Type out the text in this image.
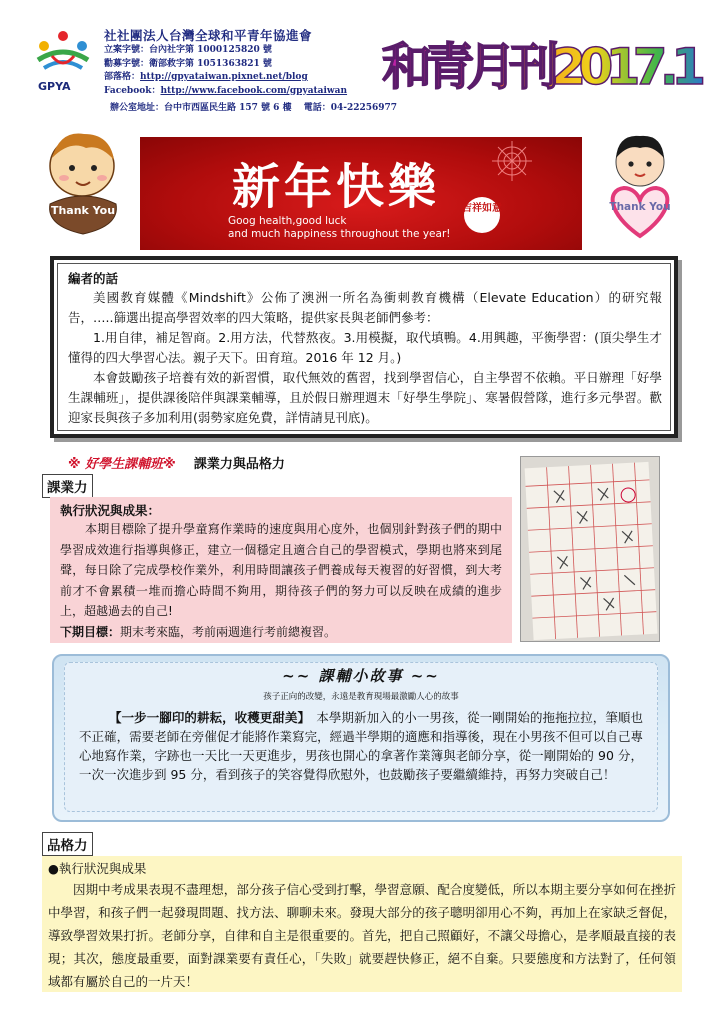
GPYA
社社團法人台灣全球和平青年協進會
立案字號：台內社字第 1000125820 號
勸募字號：衛部救字第 1051363821 號
部落格：http://gpyataiwan.pixnet.net/blog
Facebook：http://www.facebook.com/gpyataiwan
辦公室地址：台中市西區民生路 157 號 6 樓　 電話：04-22256977
和青月刊2017.1
Thank You 新年快樂 吉祥如意
Goog health,good luck
and much happiness throughout the year!
Thank You
編者的話

美國教育媒體《Mindshift》公佈了澳洲一所名為衝刺教育機構（Elevate Education）的研究報告，…..篩選出提高學習效率的四大策略，提供家長與老師們參考：

1.用自律，補足智商。2.用方法，代替熬夜。3.用模擬，取代填鴨。4.用興趣，平衡學習：(頂尖學生才懂得的四大學習心法。親子天下。田育瑄。2016 年 12 月。)

本會鼓勵孩子培養有效的新習慣，取代無效的舊習，找到學習信心，自主學習不依賴。平日辦理「好學生課輔班」，提供課後陪伴與課業輔導，且於假日辦理週末「好學生學院」、寒暑假營隊，進行多元學習。歡迎家長與孩子多加利用(弱勢家庭免費，詳情請見刊底)。

※ 好學生課輔班※ 課業力與品格力
課業力
執行狀況與成果：

本期目標除了提升學童寫作業時的速度與用心度外，也個別針對孩子們的期中學習成效進行指導與修正，建立一個穩定且適合自己的學習模式，學期也將來到尾聲，每日除了完成學校作業外，利用時間讓孩子們養成每天複習的好習慣，到大考前才不會累積一堆而擔心時間不夠用，期待孩子們的努力可以反映在成績的進步上，超越過去的自己!

下期目標：期末考來臨，考前兩週進行考前總複習。

~~ 課輔小故事 ~~
孩子正向的改變，永遠是教育現場最激勵人心的故事

【一步一腳印的耕耘，收穫更甜美】　 本學期新加入的小一男孩，從一剛開始的拖拖拉拉，筆順也不正確，需要老師在旁催促才能將作業寫完，經過半學期的適應和指導後，現在小男孩不但可以自己專心地寫作業，字跡也一天比一天更進步，男孩也開心的拿著作業簿與老師分享，從一剛開始的 90 分，一次一次進步到 95 分，看到孩子的笑容覺得欣慰外，也鼓勵孩子要繼續維持，再努力突破自己！

品格力
●執行狀況與成果

因期中考成果表現不盡理想，部分孩子信心受到打擊，學習意願、配合度變低，所以本期主要分享如何在挫折中學習，和孩子們一起發現問題、找方法、聊聊未來。發現大部分的孩子聰明卻用心不夠，再加上在家缺乏督促，導致學習效果打折。老師分享，自律和自主是很重要的。首先，把自己照顧好，不讓父母擔心，是孝順最直接的表現；其次，態度最重要，面對課業要有責任心，「失敗」就要趕快修正，絕不自棄。只要態度和方法對了，任何領域都有屬於自己的一片天！
